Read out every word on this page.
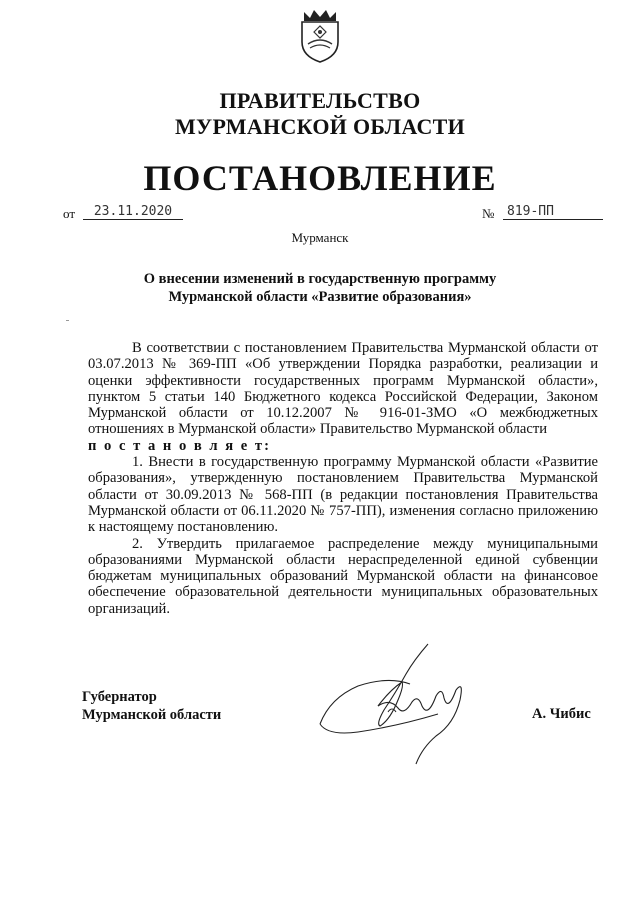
ПРАВИТЕЛЬСТВО
МУРМАНСКОЙ ОБЛАСТИ
ПОСТАНОВЛЕНИЕ
от	23.11.2020	№ 819-ПП
Мурманск
О внесении изменений в государственную программу
Мурманской области «Развитие образования»

В соответствии с постановлением Правительства Мурманской области от 03.07.2013 № 369-ПП «Об утверждении Порядка разработки, реализации и оценки эффективности государственных программ Мурманской области», пунктом 5 статьи 140 Бюджетного кодекса Российской Федерации, Законом Мурманской области от 10.12.2007 № 916-01-ЗМО «О межбюджетных отношениях в Мурманской области» Правительство Мурманской области

п о с т а н о в л я е т:

1. Внести в государственную программу Мурманской области «Развитие образования», утвержденную постановлением Правительства Мурманской области от 30.09.2013 № 568-ПП (в редакции постановления Правительства Мурманской области от 06.11.2020 № 757-ПП), изменения согласно приложению к настоящему постановлению.

2. Утвердить прилагаемое распределение между муниципальными образованиями Мурманской области нераспределенной единой субвенции бюджетам муниципальных образований Мурманской области на финансовое обеспечение образовательной деятельности муниципальных образовательных организаций.

Губернатор
Мурманской области	А. Чибис
